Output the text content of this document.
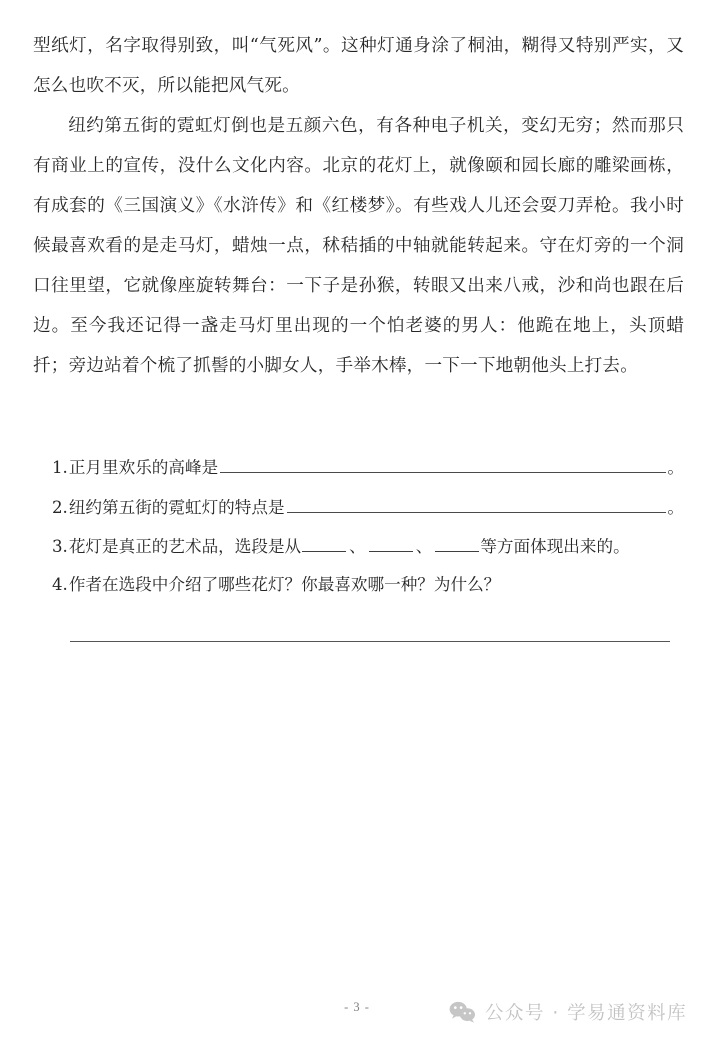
型纸灯，名字取得别致，叫“气死风”。这种灯通身涂了桐油，糊得又特别严实，又怎么也吹不灭，所以能把风气死。

纽约第五街的霓虹灯倒也是五颜六色，有各种电子机关，变幻无穷；然而那只有商业上的宣传，没什么文化内容。北京的花灯上，就像颐和园长廊的雕梁画栋，有成套的《三国演义》《水浒传》和《红楼梦》。有些戏人儿还会耍刀弄枪。我小时候最喜欢看的是走马灯，蜡烛一点，秫秸插的中轴就能转起来。守在灯旁的一个洞口往里望，它就像座旋转舞台：一下子是孙猴，转眼又出来八戒，沙和尚也跟在后边。至今我还记得一盏走马灯里出现的一个怕老婆的男人：他跪在地上，头顶蜡扦；旁边站着个梳了抓髻的小脚女人，手举木棒，一下一下地朝他头上打去。

1. 正月里欢乐的高峰是	。
2. 纽约第五街的霓虹灯的特点是	。
3. 花灯是真正的艺术品，选段是从	、	、	等方面体现出来的。
4. 作者在选段中介绍了哪些花灯？你最喜欢哪一种？为什么？
- 3 -	公众号 · 学易通资料库
